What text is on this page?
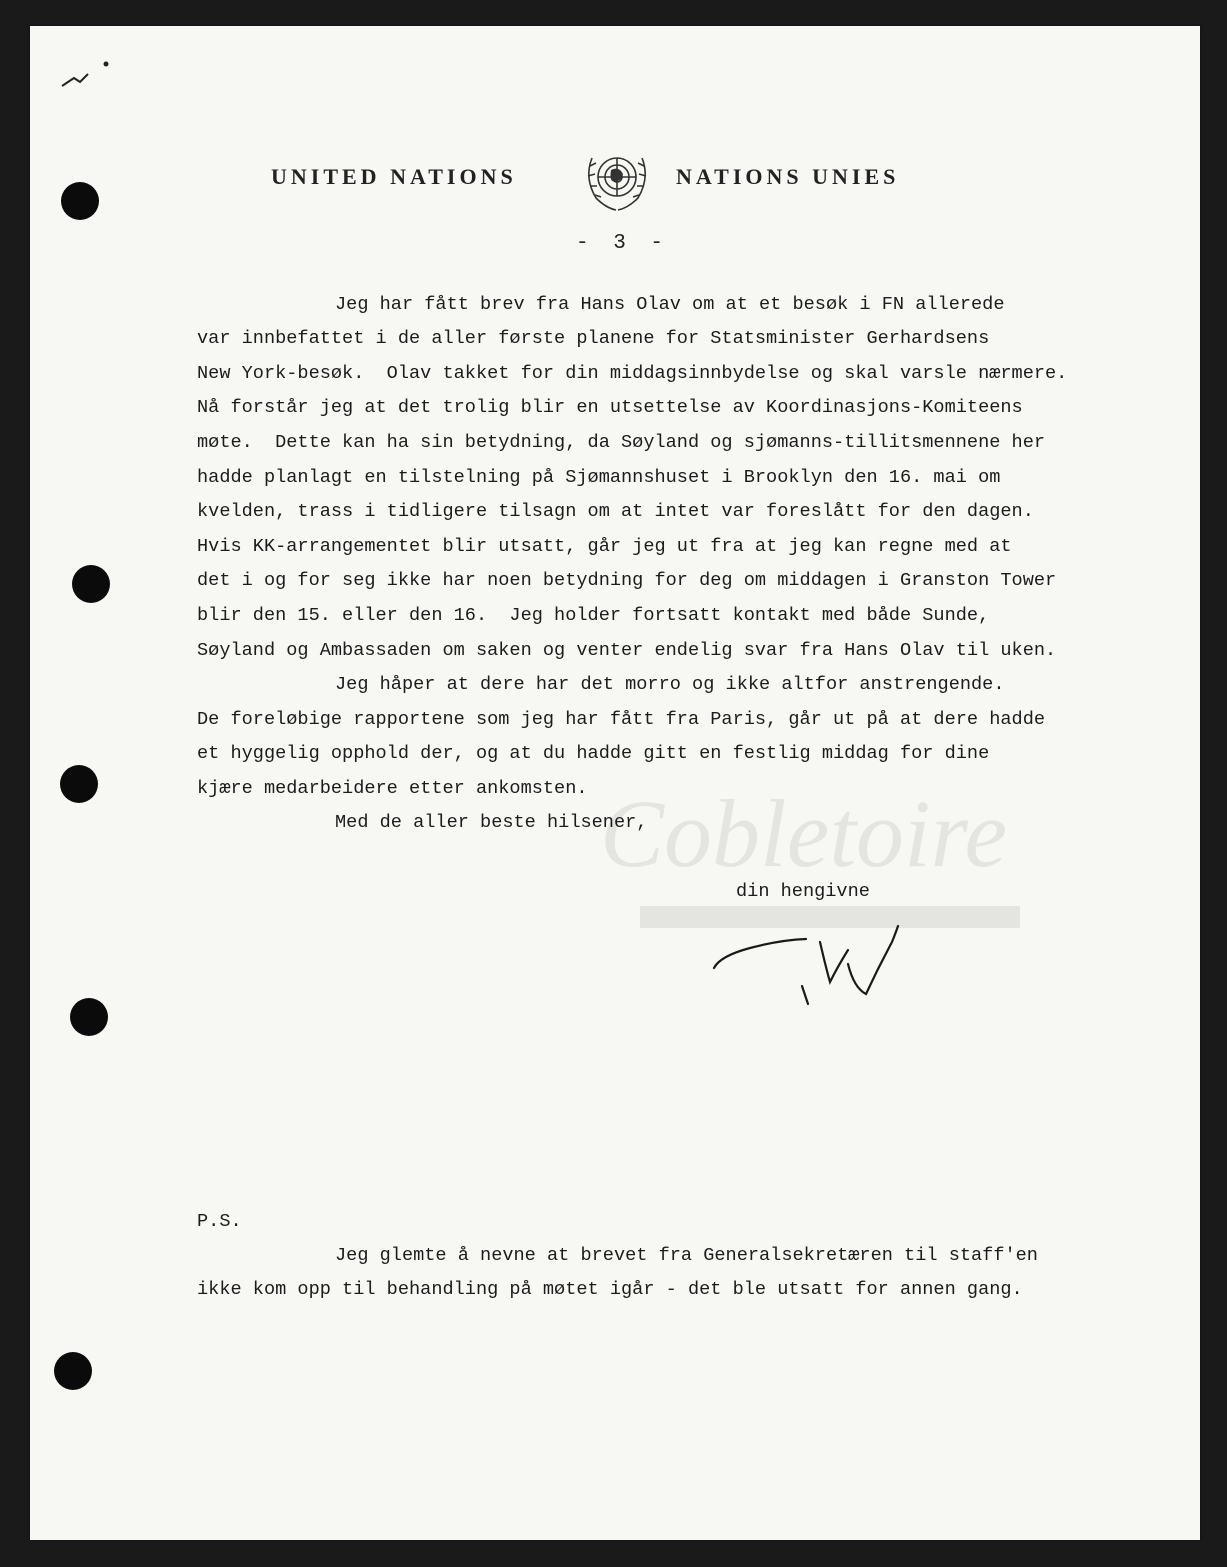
UNITED NATIONS	NATIONS UNIES
- 3 -
Cobletoire
Jeg har fått brev fra Hans Olav om at et besøk i FN allerede
var innbefattet i de aller første planene for Statsminister Gerhardsens
New York-besøk.  Olav takket for din middagsinnbydelse og skal varsle nærmere.
Nå forstår jeg at det trolig blir en utsettelse av Koordinasjons-Komiteens
møte.  Dette kan ha sin betydning, da Søyland og sjømanns-tillitsmennene her
hadde planlagt en tilstelning på Sjømannshuset i Brooklyn den 16. mai om
kvelden, trass i tidligere tilsagn om at intet var foreslått for den dagen.
Hvis KK-arrangementet blir utsatt, går jeg ut fra at jeg kan regne med at
det i og for seg ikke har noen betydning for deg om middagen i Granston Tower
blir den 15. eller den 16.  Jeg holder fortsatt kontakt med både Sunde,
Søyland og Ambassaden om saken og venter endelig svar fra Hans Olav til uken.
Jeg håper at dere har det morro og ikke altfor anstrengende.
De foreløbige rapportene som jeg har fått fra Paris, går ut på at dere hadde
et hyggelig opphold der, og at du hadde gitt en festlig middag for dine
kjære medarbeidere etter ankomsten.
Med de aller beste hilsener,
din hengivne
P.S.
Jeg glemte å nevne at brevet fra Generalsekretæren til staff'en
ikke kom opp til behandling på møtet igår - det ble utsatt for annen gang.
